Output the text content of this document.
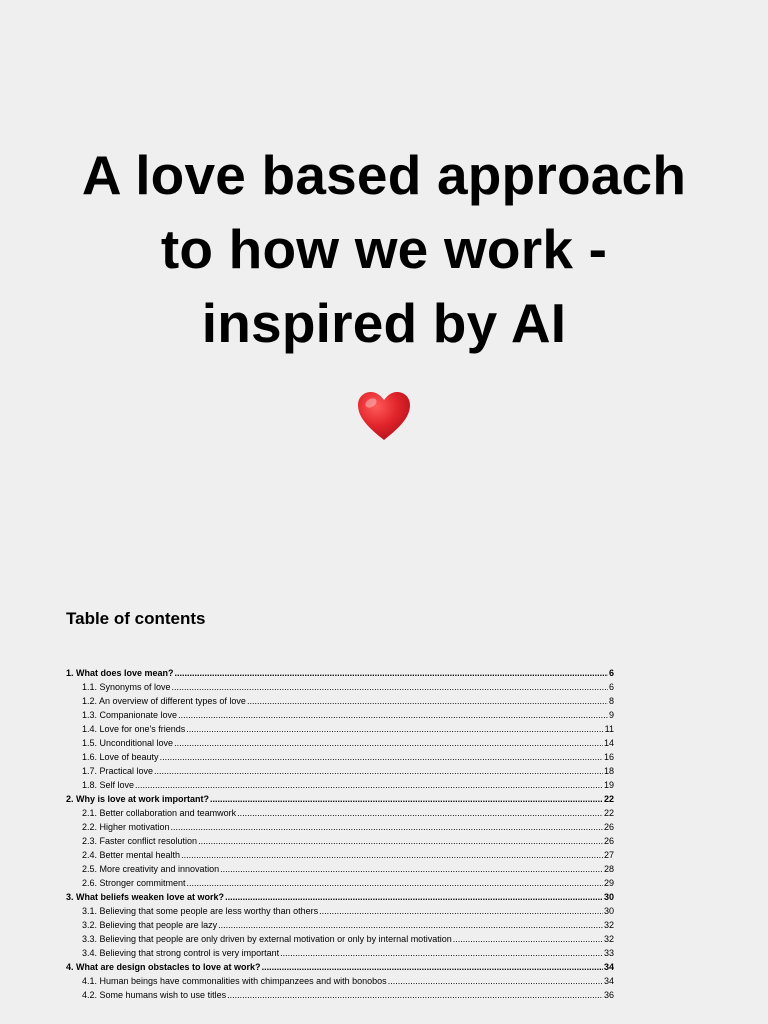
A love based approach
to how we work -
inspired by AI
Table of contents
1. What does love mean? .....	6
1.1. Synonyms of love .....	6
1.2. An overview of different types of love .....	8
1.3. Companionate love .....	9
1.4. Love for one's friends .....	11
1.5. Unconditional love .....	14
1.6. Love of beauty .....	16
1.7. Practical love .....	18
1.8. Self love .....	19
2. Why is love at work important? .....	22
2.1. Better collaboration and teamwork .....	22
2.2. Higher motivation .....	26
2.3. Faster conflict resolution .....	26
2.4. Better mental health .....	27
2.5. More creativity and innovation .....	28
2.6. Stronger commitment .....	29
3. What beliefs weaken love at work? .....	30
3.1. Believing that some people are less worthy than others .....	30
3.2. Believing that people are lazy .....	32
3.3. Believing that people are only driven by external motivation or only by internal motivation .....	32
3.4. Believing that strong control is very important .....	33
4. What are design obstacles to love at work? .....	34
4.1. Human beings have commonalities with chimpanzees and with bonobos .....	34
4.2. Some humans wish to use titles .....	36
